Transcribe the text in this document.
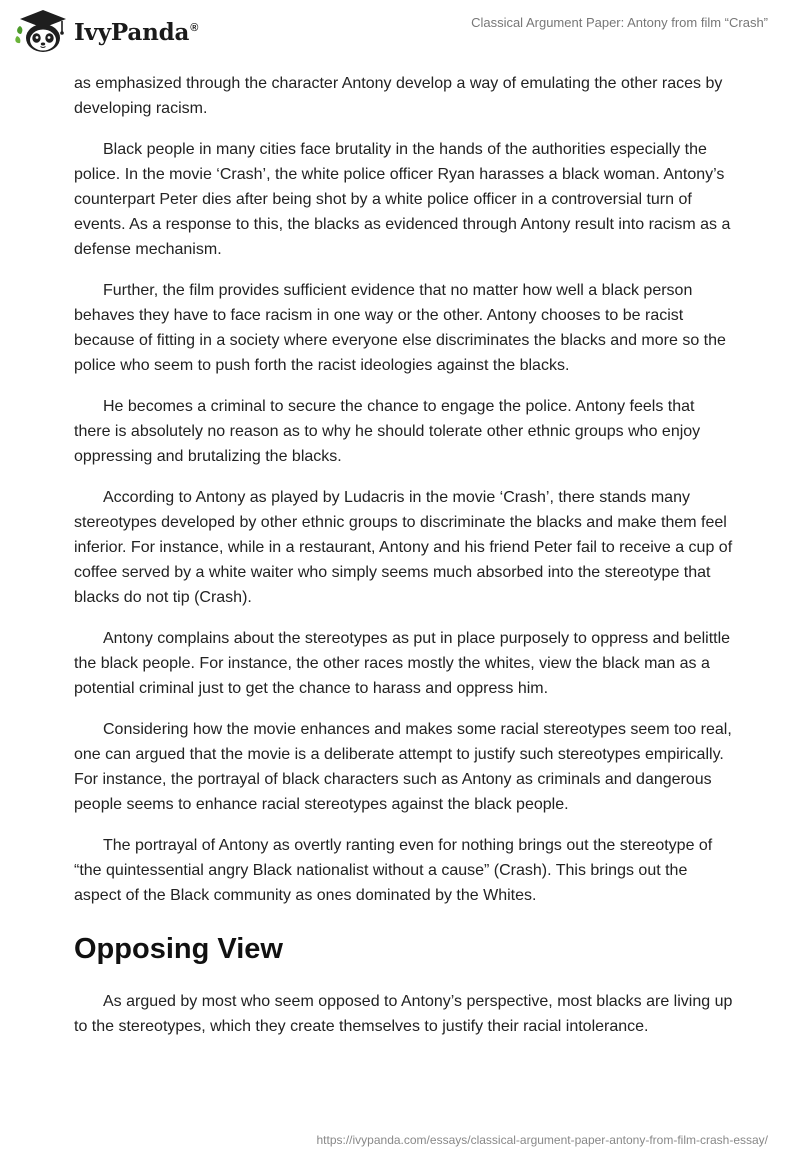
IvyPanda®	Classical Argument Paper: Antony from film “Crash”

as emphasized through the character Antony develop a way of emulating the other races by developing racism.

Black people in many cities face brutality in the hands of the authorities especially the police. In the movie ‘Crash’, the white police officer Ryan harasses a black woman. Antony’s counterpart Peter dies after being shot by a white police officer in a controversial turn of events. As a response to this, the blacks as evidenced through Antony result into racism as a defense mechanism.

Further, the film provides sufficient evidence that no matter how well a black person behaves they have to face racism in one way or the other. Antony chooses to be racist because of fitting in a society where everyone else discriminates the blacks and more so the police who seem to push forth the racist ideologies against the blacks.

He becomes a criminal to secure the chance to engage the police. Antony feels that there is absolutely no reason as to why he should tolerate other ethnic groups who enjoy oppressing and brutalizing the blacks.

According to Antony as played by Ludacris in the movie ‘Crash’, there stands many stereotypes developed by other ethnic groups to discriminate the blacks and make them feel inferior. For instance, while in a restaurant, Antony and his friend Peter fail to receive a cup of coffee served by a white waiter who simply seems much absorbed into the stereotype that blacks do not tip (Crash).

Antony complains about the stereotypes as put in place purposely to oppress and belittle the black people. For instance, the other races mostly the whites, view the black man as a potential criminal just to get the chance to harass and oppress him.

Considering how the movie enhances and makes some racial stereotypes seem too real, one can argued that the movie is a deliberate attempt to justify such stereotypes empirically. For instance, the portrayal of black characters such as Antony as criminals and dangerous people seems to enhance racial stereotypes against the black people.

The portrayal of Antony as overtly ranting even for nothing brings out the stereotype of “the quintessential angry Black nationalist without a cause” (Crash). This brings out the aspect of the Black community as ones dominated by the Whites.

Opposing View

As argued by most who seem opposed to Antony’s perspective, most blacks are living up to the stereotypes, which they create themselves to justify their racial intolerance.

https://ivypanda.com/essays/classical-argument-paper-antony-from-film-crash-essay/
